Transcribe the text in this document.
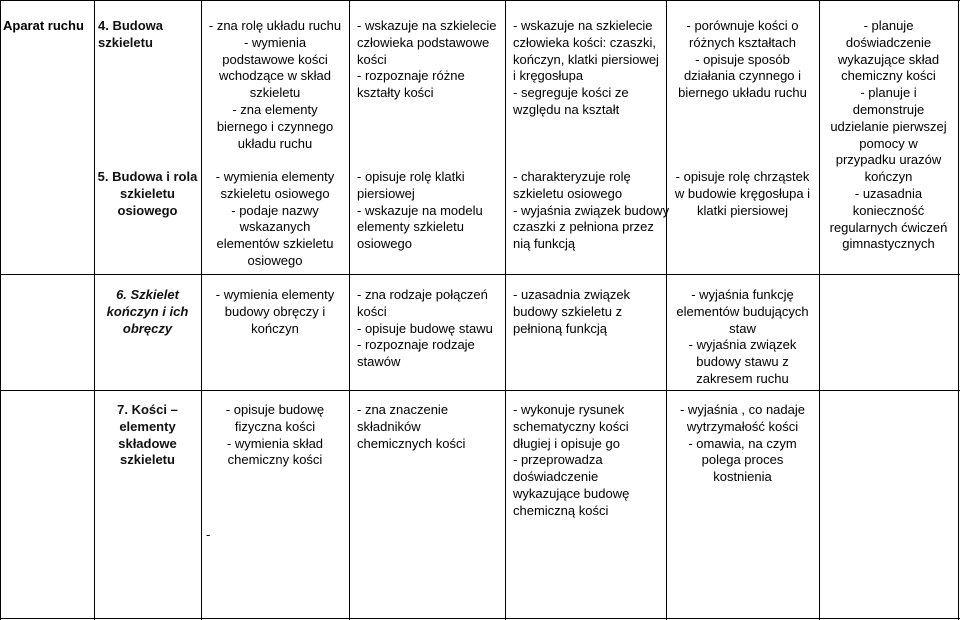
Aparat ruchu	4. Budowa
szkieletu
- zna rolę układu ruchu
- wymienia
podstawowe kości
wchodzące w skład
szkieletu
- zna elementy
biernego i czynnego
układu ruchu
- wskazuje na szkielecie
człowieka podstawowe
kości
- rozpoznaje różne
kształty kości
- wskazuje na szkielecie
człowieka kości: czaszki,
kończyn, klatki piersiowej
i kręgosłupa
- segreguje kości ze
względu na kształt
- porównuje kości o
różnych kształtach
- opisuje sposób
działania czynnego i
biernego układu ruchu
- planuje
doświadczenie
wykazujące skład
chemiczny kości
- planuje i
demonstruje
udzielanie pierwszej
pomocy w
przypadku urazów
kończyn
- uzasadnia
konieczność
regularnych ćwiczeń
gimnastycznych
5. Budowa i rola
szkieletu
osiowego
- wymienia elementy
szkieletu osiowego
- podaje nazwy
wskazanych
elementów szkieletu
osiowego
- opisuje rolę klatki
piersiowej
- wskazuje na modelu
elementy szkieletu
osiowego
- charakteryzuje rolę
szkieletu osiowego
- wyjaśnia związek budowy
czaszki z pełniona przez
nią funkcją
- opisuje rolę chrząstek
w budowie kręgosłupa i
klatki piersiowej
6. Szkielet
kończyn i ich
obręczy
- wymienia elementy
budowy obręczy i
kończyn
- zna rodzaje połączeń
kości
- opisuje budowę stawu
- rozpoznaje rodzaje
stawów
- uzasadnia związek
budowy szkieletu z
pełnioną funkcją
- wyjaśnia funkcję
elementów budujących
staw
- wyjaśnia związek
budowy stawu z
zakresem ruchu
7. Kości –
elementy
składowe
szkieletu
- opisuje budowę
fizyczna kości
- wymienia skład
chemiczny kości
- zna znaczenie
składników
chemicznych kości
- wykonuje rysunek
schematyczny kości
długiej i opisuje go
- przeprowadza
doświadczenie
wykazujące budowę
chemiczną kości
- wyjaśnia , co nadaje
wytrzymałość kości
- omawia, na czym
polega proces
kostnienia
-
